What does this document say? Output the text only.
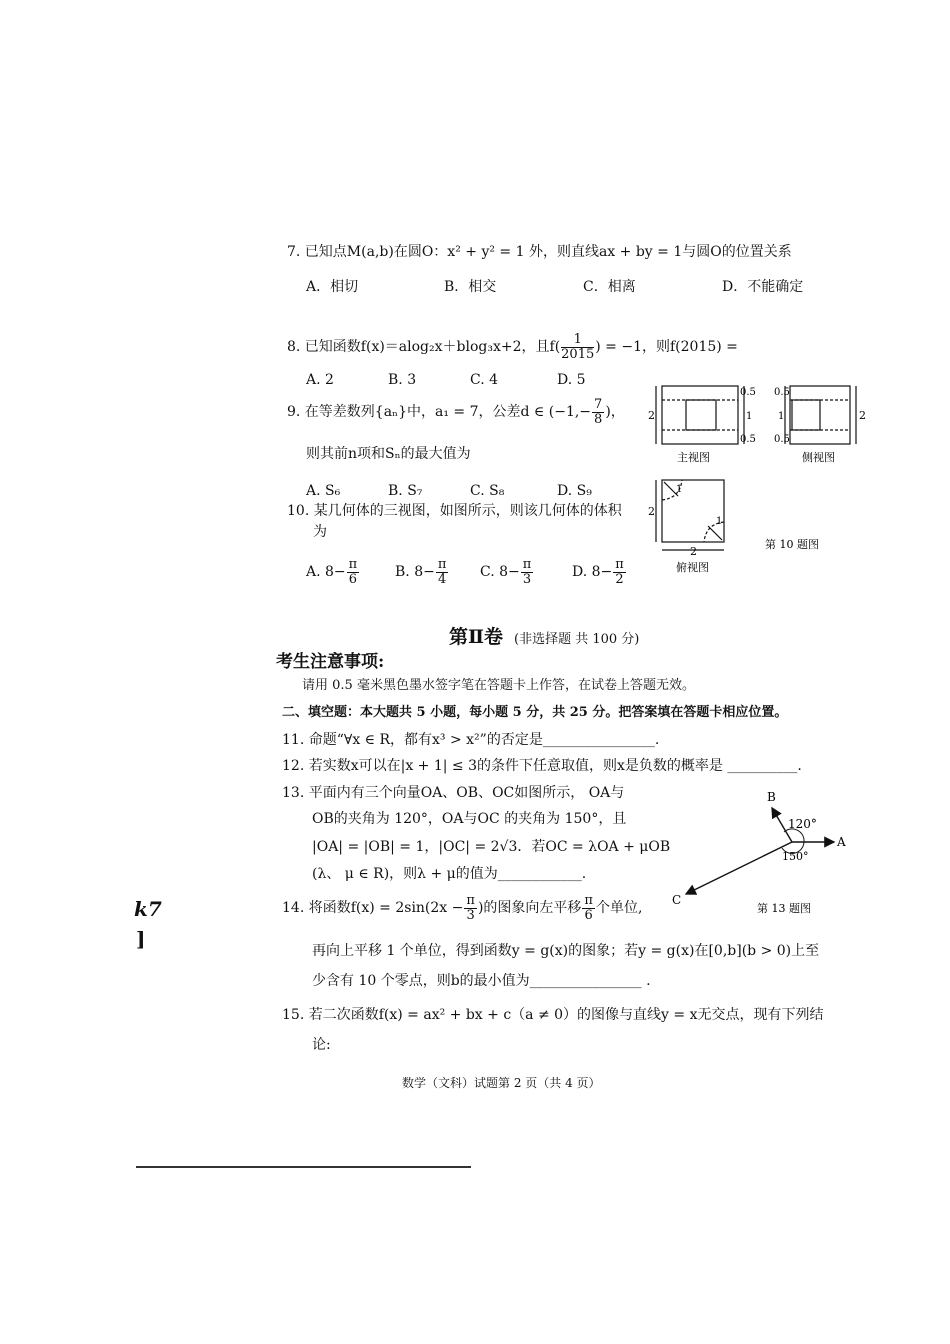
7. 已知点M(a,b)在圆O：x² + y² = 1 外，则直线ax + by = 1与圆O的位置关系
A．相切	B．相交	C．相离	D．不能确定
8. 已知函数f(x)＝alog₂x＋blog₃x+2，且$f( \frac{1}{2015}$ ) = −1，则f(2015) =
A. 2	B. 3	C. 4	D. 5
9. 在等差数列{aₙ}中，a₁ = 7，公差d ∈ ($-1,- \frac{7}{8}$ )，
则其前n项和Sₙ的最大值为
A. S₆	B. S₇	C. S₈	D. S₉
10. 某几何体的三视图，如图所示，则该几何体的体积
为
A. $8- \frac{\pi}{6}$	B. $8- \frac{\pi}{4} C$. $8- \frac{\pi}{3}$	D. $8- \frac{\pi}{2}$
2
0.5
1
0.5
主视图
0.5
1
0.5
2
侧视图
2
2
1
1
俯视图
第 10 题图
第Ⅱ卷 (非选择题 共 100 分)
考生注意事项:
请用 0.5 毫米黑色墨水签字笔在答题卡上作答，在试卷上答题无效。
二、填空题：本大题共 5 小题，每小题 5 分，共 25 分。把答案填在答题卡相应位置。
11. 命题“∀x ∈ R，都有x³ > x²”的否定是________________.
12. 若实数x可以在|x + 1| ≤ 3的条件下任意取值，则x是负数的概率是 __________.
13. 平面内有三个向量OA、OB、OC如图所示， OA与
OB的夹角为 120°，OA与OC 的夹角为 150°，且
|OA| = |OB| = 1，|OC| = 2√3．若OC = λOA + μOB
(λ、 μ ∈ R)，则λ + μ的值为____________.
A
B
C
120°
150°
第 13 题图
14. 将函数$f(x) = 2\sin(2x - \frac{\pi}{3}$ )的图象向左平移 $\frac{\pi}{6}$ 个单位,
再向上平移 1 个单位，得到函数y = g(x)的图象；若y = g(x)在[0,b](b > 0)上至
少含有 10 个零点，则b的最小值为________________ .
15. 若二次函数f(x) = ax² + bx + c（a ≠ 0）的图像与直线y = x无交点，现有下列结
论:
数学（文科）试题第 2 页（共 4 页）
k7
]
